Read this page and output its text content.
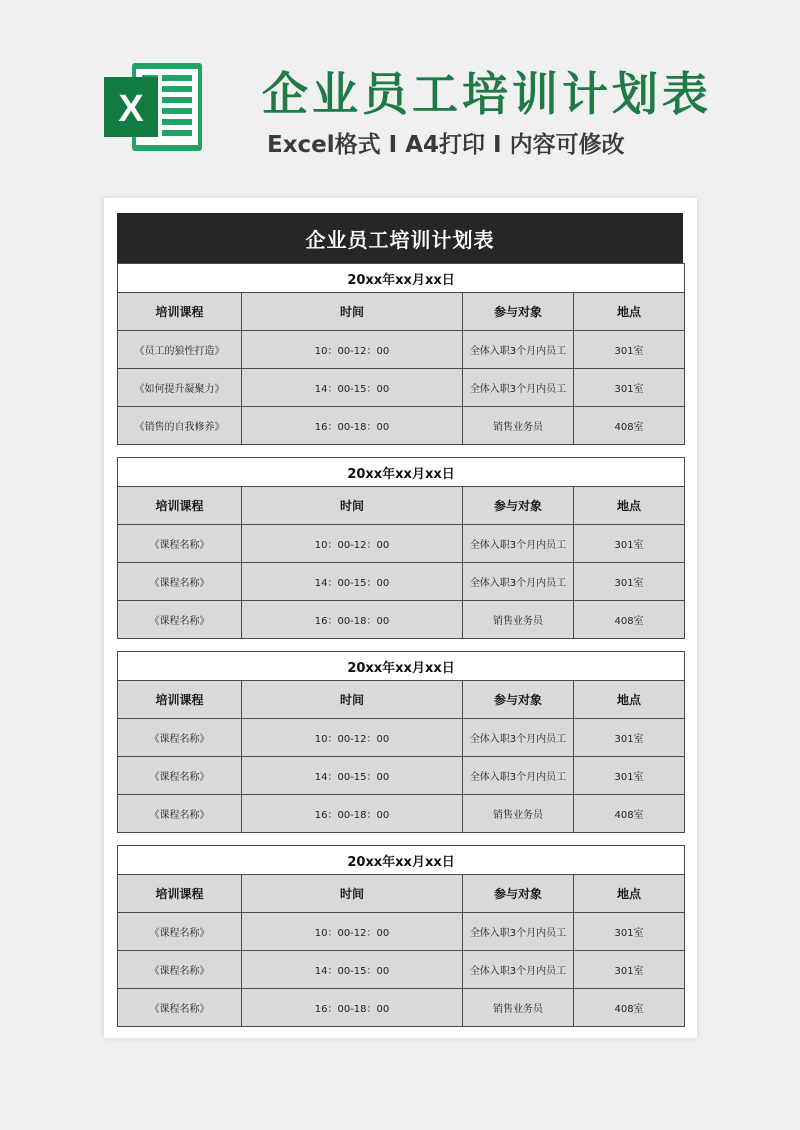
X	企业员工培训计划表
Excel格式 I A4打印 I 内容可修改
企业员工培训计划表
20xx年xx月xx日			
培训课程	时间	参与对象	地点
《员工的狼性打造》	10：00-12：00	全体入职3个月内员工	301室
《如何提升凝聚力》	14：00-15：00	全体入职3个月内员工	301室
《销售的自我修养》	16：00-18：00	销售业务员	408室
20xx年xx月xx日			
培训课程	时间	参与对象	地点
《课程名称》	10：00-12：00	全体入职3个月内员工	301室
《课程名称》	14：00-15：00	全体入职3个月内员工	301室
《课程名称》	16：00-18：00	销售业务员	408室
20xx年xx月xx日			
培训课程	时间	参与对象	地点
《课程名称》	10：00-12：00	全体入职3个月内员工	301室
《课程名称》	14：00-15：00	全体入职3个月内员工	301室
《课程名称》	16：00-18：00	销售业务员	408室
20xx年xx月xx日			
培训课程	时间	参与对象	地点
《课程名称》	10：00-12：00	全体入职3个月内员工	301室
《课程名称》	14：00-15：00	全体入职3个月内员工	301室
《课程名称》	16：00-18：00	销售业务员	408室
